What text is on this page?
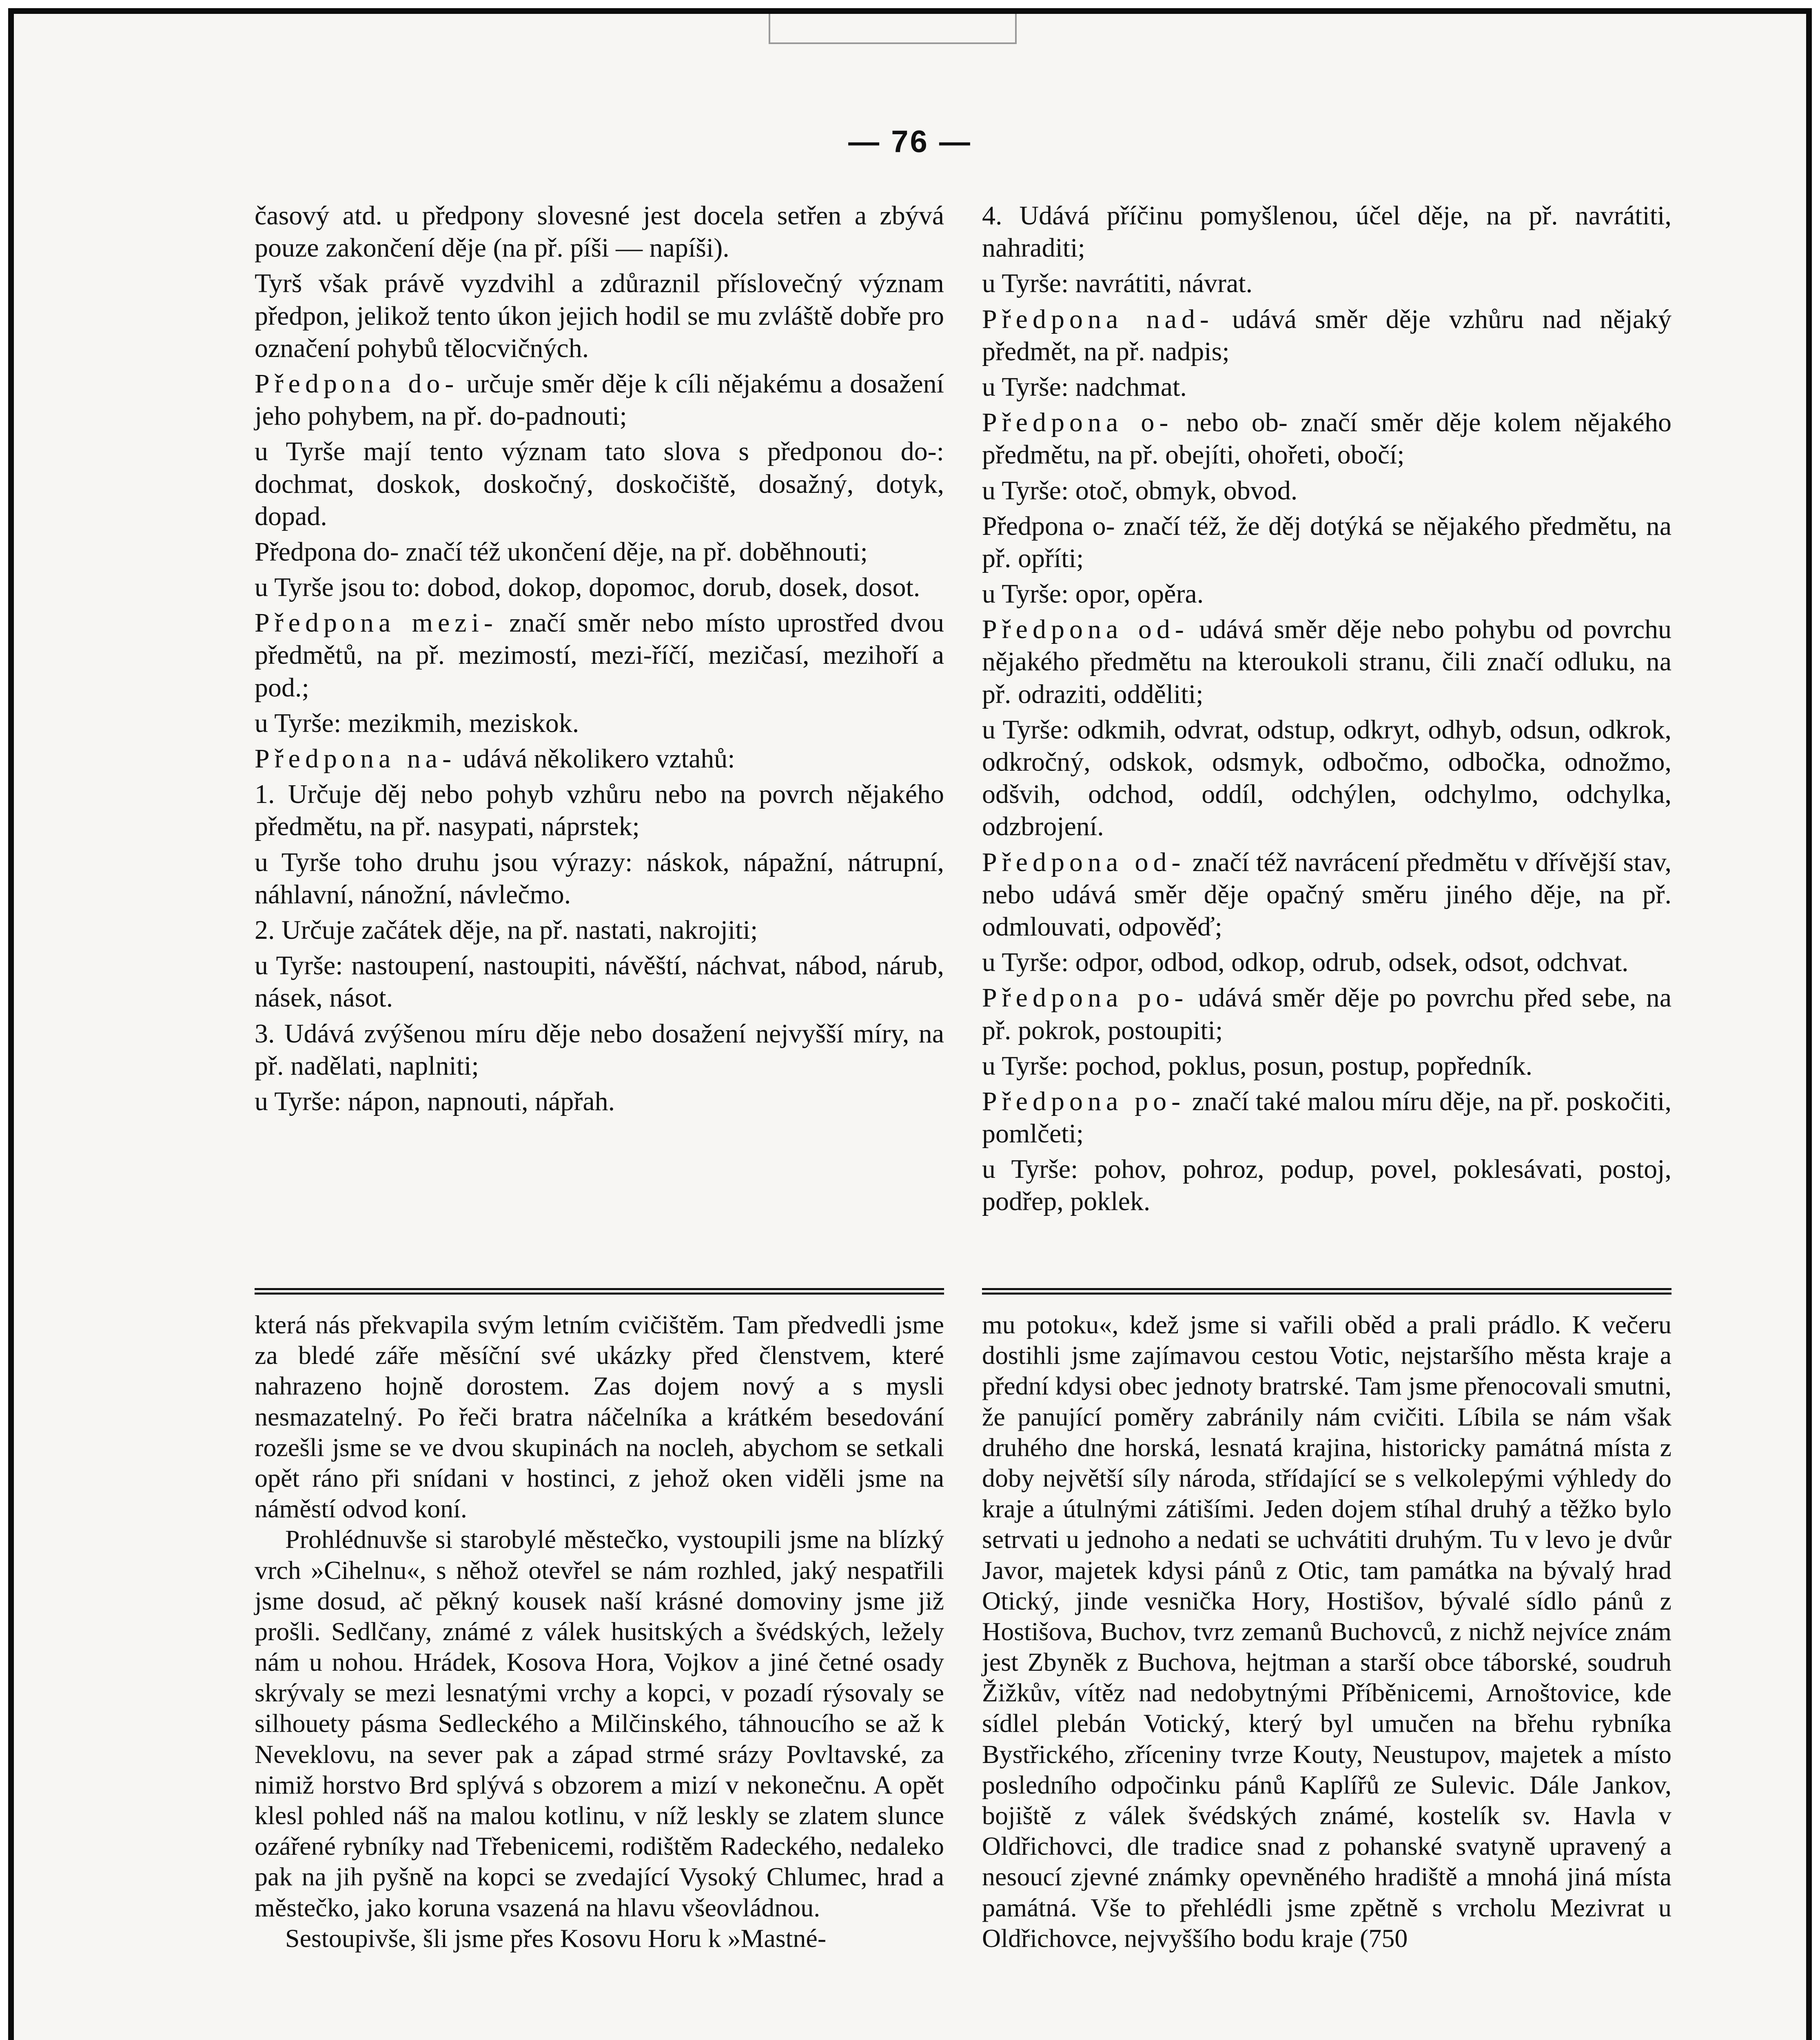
— 76 —

časový atd. u předpony slovesné jest docela setřen a zbývá pouze zakončení děje (na př. píši — napíši).

Tyrš však právě vyzdvihl a zdůraznil příslovečný význam předpon, jelikož tento úkon jejich hodil se mu zvláště dobře pro označení pohybů tělocvičných.

Předpona do- určuje směr děje k cíli nějakému a dosažení jeho pohybem, na př. do-padnouti;

u Tyrše mají tento význam tato slova s předponou do-: dochmat, doskok, doskočný, doskočiště, dosažný, dotyk, dopad.

Předpona do- značí též ukončení děje, na př. doběhnouti;

u Tyrše jsou to: dobod, dokop, dopomoc, dorub, dosek, dosot.

Předpona mezi- značí směr nebo místo uprostřed dvou předmětů, na př. mezimostí, mezi-říčí, mezičasí, mezihoří a pod.;

u Tyrše: mezikmih, meziskok.

Předpona na- udává několikero vztahů:

1. Určuje děj nebo pohyb vzhůru nebo na povrch nějakého předmětu, na př. nasypati, náprstek;

u Tyrše toho druhu jsou výrazy: náskok, nápažní, nátrupní, náhlavní, nánožní, návlečmo.

2. Určuje začátek děje, na př. nastati, nakrojiti;

u Tyrše: nastoupení, nastoupiti, návěští, náchvat, nábod, nárub, násek, násot.

3. Udává zvýšenou míru děje nebo dosažení nejvyšší míry, na př. nadělati, naplniti;

u Tyrše: nápon, napnouti, nápřah.

4. Udává příčinu pomyšlenou, účel děje, na př. navrátiti, nahraditi;

u Tyrše: navrátiti, návrat.

Předpona nad- udává směr děje vzhůru nad nějaký předmět, na př. nadpis;

u Tyrše: nadchmat.

Předpona o- nebo ob- značí směr děje kolem nějakého předmětu, na př. obejíti, ohořeti, obočí;

u Tyrše: otoč, obmyk, obvod.

Předpona o- značí též, že děj dotýká se nějakého předmětu, na př. opříti;

u Tyrše: opor, opěra.

Předpona od- udává směr děje nebo pohybu od povrchu nějakého předmětu na kteroukoli stranu, čili značí odluku, na př. odraziti, odděliti;

u Tyrše: odkmih, odvrat, odstup, odkryt, odhyb, odsun, odkrok, odkročný, odskok, odsmyk, odbočmo, odbočka, odnožmo, odšvih, odchod, oddíl, odchýlen, odchylmo, odchylka, odzbrojení.

Předpona od- značí též navrácení předmětu v dřívější stav, nebo udává směr děje opačný směru jiného děje, na př. odmlouvati, odpověď;

u Tyrše: odpor, odbod, odkop, odrub, odsek, odsot, odchvat.

Předpona po- udává směr děje po povrchu před sebe, na př. pokrok, postoupiti;

u Tyrše: pochod, poklus, posun, postup, popředník.

Předpona po- značí také malou míru děje, na př. poskočiti, pomlčeti;

u Tyrše: pohov, pohroz, podup, povel, poklesávati, postoj, podřep, poklek.

která nás překvapila svým letním cvičištěm. Tam předvedli jsme za bledé záře měsíční své ukázky před členstvem, které nahrazeno hojně dorostem. Zas dojem nový a s mysli nesmazatelný. Po řeči bratra náčelníka a krátkém besedování rozešli jsme se ve dvou skupinách na nocleh, abychom se setkali opět ráno při snídani v hostinci, z jehož oken viděli jsme na náměstí odvod koní.

Prohlédnuvše si starobylé městečko, vystoupili jsme na blízký vrch »Cihelnu«, s něhož otevřel se nám rozhled, jaký nespatřili jsme dosud, ač pěkný kousek naší krásné domoviny jsme již prošli. Sedlčany, známé z válek husitských a švédských, ležely nám u nohou. Hrádek, Kosova Hora, Vojkov a jiné četné osady skrývaly se mezi lesnatými vrchy a kopci, v pozadí rýsovaly se silhouety pásma Sedleckého a Milčinského, táhnoucího se až k Neveklovu, na sever pak a západ strmé srázy Povltavské, za nimiž horstvo Brd splývá s obzorem a mizí v nekonečnu. A opět klesl pohled náš na malou kotlinu, v níž leskly se zlatem slunce ozářené rybníky nad Třebenicemi, rodištěm Radeckého, nedaleko pak na jih pyšně na kopci se zvedající Vysoký Chlumec, hrad a městečko, jako koruna vsazená na hlavu všeovládnou.

Sestoupivše, šli jsme přes Kosovu Horu k »Mastné-

mu potoku«, kdež jsme si vařili oběd a prali prádlo. K večeru dostihli jsme zajímavou cestou Votic, nejstaršího města kraje a přední kdysi obec jednoty bratrské. Tam jsme přenocovali smutni, že panující poměry zabránily nám cvičiti. Líbila se nám však druhého dne horská, lesnatá krajina, historicky památná místa z doby největší síly národa, střídající se s velkolepými výhledy do kraje a útulnými zátišími. Jeden dojem stíhal druhý a těžko bylo setrvati u jednoho a nedati se uchvátiti druhým. Tu v levo je dvůr Javor, majetek kdysi pánů z Otic, tam památka na bývalý hrad Otický, jinde vesnička Hory, Hostišov, bývalé sídlo pánů z Hostišova, Buchov, tvrz zemanů Buchovců, z nichž nejvíce znám jest Zbyněk z Buchova, hejtman a starší obce táborské, soudruh Žižkův, vítěz nad nedobytnými Příběnicemi, Arnoštovice, kde sídlel plebán Votický, který byl umučen na břehu rybníka Bystřického, zříceniny tvrze Kouty, Neustupov, majetek a místo posledního odpočinku pánů Kaplířů ze Sulevic. Dále Jankov, bojiště z válek švédských známé, kostelík sv. Havla v Oldřichovci, dle tradice snad z pohanské svatyně upravený a nesoucí zjevné známky opevněného hradiště a mnohá jiná místa památná. Vše to přehlédli jsme zpětně s vrcholu Mezivrat u Oldřichovce, nejvyššího bodu kraje (750
